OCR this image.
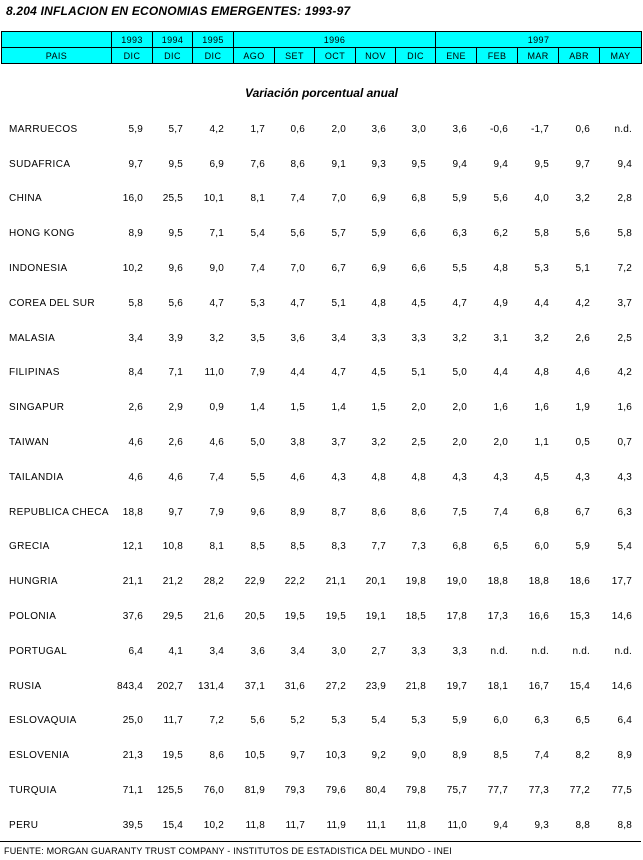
8.204 INFLACION EN ECONOMIAS EMERGENTES: 1993-97
	1993	1994	1995	1996					1997				
PAIS	DIC	DIC	DIC	AGO	SET	OCT	NOV	DIC	ENE	FEB	MAR	ABR	MAY
Variación porcentual anual
MARRUECOS	5,9	5,7	4,2	1,7	0,6	2,0	3,6	3,0	3,6	-0,6	-1,7	0,6	n.d.
SUDAFRICA	9,7	9,5	6,9	7,6	8,6	9,1	9,3	9,5	9,4	9,4	9,5	9,7	9,4
CHINA	16,0	25,5	10,1	8,1	7,4	7,0	6,9	6,8	5,9	5,6	4,0	3,2	2,8
HONG KONG	8,9	9,5	7,1	5,4	5,6	5,7	5,9	6,6	6,3	6,2	5,8	5,6	5,8
INDONESIA	10,2	9,6	9,0	7,4	7,0	6,7	6,9	6,6	5,5	4,8	5,3	5,1	7,2
COREA DEL SUR	5,8	5,6	4,7	5,3	4,7	5,1	4,8	4,5	4,7	4,9	4,4	4,2	3,7
MALASIA	3,4	3,9	3,2	3,5	3,6	3,4	3,3	3,3	3,2	3,1	3,2	2,6	2,5
FILIPINAS	8,4	7,1	11,0	7,9	4,4	4,7	4,5	5,1	5,0	4,4	4,8	4,6	4,2
SINGAPUR	2,6	2,9	0,9	1,4	1,5	1,4	1,5	2,0	2,0	1,6	1,6	1,9	1,6
TAIWAN	4,6	2,6	4,6	5,0	3,8	3,7	3,2	2,5	2,0	2,0	1,1	0,5	0,7
TAILANDIA	4,6	4,6	7,4	5,5	4,6	4,3	4,8	4,8	4,3	4,3	4,5	4,3	4,3
REPUBLICA CHECA	18,8	9,7	7,9	9,6	8,9	8,7	8,6	8,6	7,5	7,4	6,8	6,7	6,3
GRECIA	12,1	10,8	8,1	8,5	8,5	8,3	7,7	7,3	6,8	6,5	6,0	5,9	5,4
HUNGRIA	21,1	21,2	28,2	22,9	22,2	21,1	20,1	19,8	19,0	18,8	18,8	18,6	17,7
POLONIA	37,6	29,5	21,6	20,5	19,5	19,5	19,1	18,5	17,8	17,3	16,6	15,3	14,6
PORTUGAL	6,4	4,1	3,4	3,6	3,4	3,0	2,7	3,3	3,3	n.d.	n.d.	n.d.	n.d.
RUSIA	843,4	202,7	131,4	37,1	31,6	27,2	23,9	21,8	19,7	18,1	16,7	15,4	14,6
ESLOVAQUIA	25,0	11,7	7,2	5,6	5,2	5,3	5,4	5,3	5,9	6,0	6,3	6,5	6,4
ESLOVENIA	21,3	19,5	8,6	10,5	9,7	10,3	9,2	9,0	8,9	8,5	7,4	8,2	8,9
TURQUIA	71,1	125,5	76,0	81,9	79,3	79,6	80,4	79,8	75,7	77,7	77,3	77,2	77,5
PERU	39,5	15,4	10,2	11,8	11,7	11,9	11,1	11,8	11,0	9,4	9,3	8,8	8,8
FUENTE: MORGAN GUARANTY TRUST COMPANY - INSTITUTOS DE ESTADISTICA DEL MUNDO - INEI
